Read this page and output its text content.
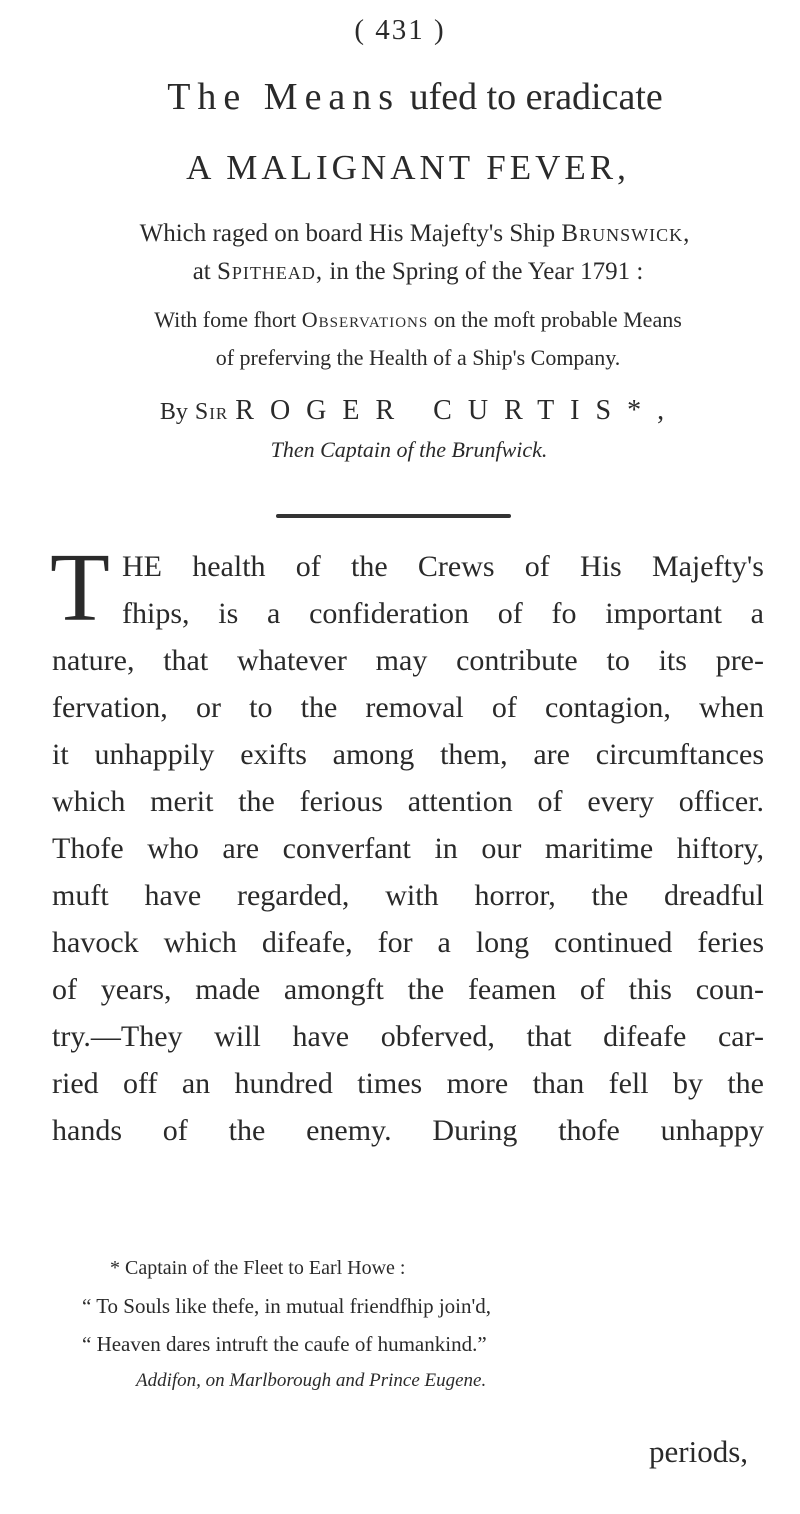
( 431 )
The Means ufed to eradicate
A MALIGNANT FEVER,
Which raged on board His Majefty's Ship Brunswick,
at Spithead, in the Spring of the Year 1791 :
With fome fhort Observations on the moft probable Means
of preferving the Health of a Ship's Company.
By Sir ROGER CURTIS*,
Then Captain of the Brunfwick.
T HE health of the Crews of His Majefty's
fhips, is a confideration of fo important a
nature, that whatever may contribute to its pre-
fervation, or to the removal of contagion, when
it unhappily exifts among them, are circumftances
which merit the ferious attention of every officer.
Thofe who are converfant in our maritime hiftory,
muft have regarded, with horror, the dreadful
havock which difeafe, for a long continued feries
of years, made amongft the feamen of this coun-
try.—They will have obferved, that difeafe car-
ried off an hundred times more than fell by the
hands of the enemy. During thofe unhappy
* Captain of the Fleet to Earl Howe :
“ To Souls like thefe, in mutual friendfhip join'd,
“ Heaven dares intruft the caufe of humankind.”
Addifon, on Marlborough and Prince Eugene.
periods,
